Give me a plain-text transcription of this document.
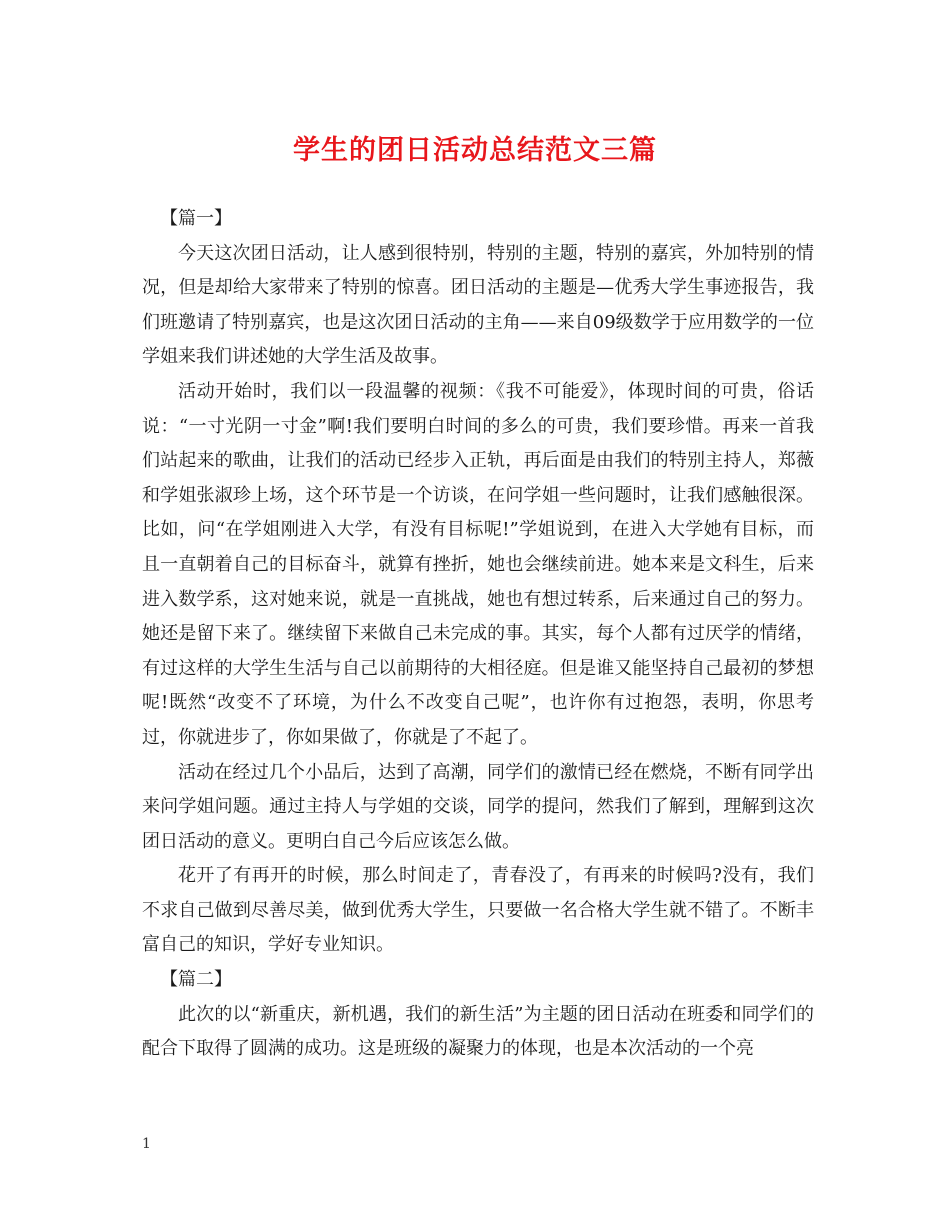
学生的团日活动总结范文三篇

【篇一】

今天这次团日活动，让人感到很特别，特别的主题，特别的嘉宾，外加特别的情况，但是却给大家带来了特别的惊喜。团日活动的主题是—优秀大学生事迹报告，我们班邀请了特别嘉宾，也是这次团日活动的主角——来自09级数学于应用数学的一位学姐来我们讲述她的大学生活及故事。

活动开始时，我们以一段温馨的视频：《我不可能爱》，体现时间的可贵，俗话说：“一寸光阴一寸金”啊!我们要明白时间的多么的可贵，我们要珍惜。再来一首我们站起来的歌曲，让我们的活动已经步入正轨，再后面是由我们的特别主持人，郑薇和学姐张淑珍上场，这个环节是一个访谈，在问学姐一些问题时，让我们感触很深。比如，问“在学姐刚进入大学，有没有目标呢!”学姐说到，在进入大学她有目标，而且一直朝着自己的目标奋斗，就算有挫折，她也会继续前进。她本来是文科生，后来进入数学系，这对她来说，就是一直挑战，她也有想过转系，后来通过自己的努力。她还是留下来了。继续留下来做自己未完成的事。其实，每个人都有过厌学的情绪，有过这样的大学生生活与自己以前期待的大相径庭。但是谁又能坚持自己最初的梦想呢!既然“改变不了环境，为什么不改变自己呢”，也许你有过抱怨，表明，你思考过，你就进步了，你如果做了，你就是了不起了。

活动在经过几个小品后，达到了高潮，同学们的激情已经在燃烧，不断有同学出来问学姐问题。通过主持人与学姐的交谈，同学的提问，然我们了解到，理解到这次团日活动的意义。更明白自己今后应该怎么做。

花开了有再开的时候，那么时间走了，青春没了，有再来的时候吗?没有，我们不求自己做到尽善尽美，做到优秀大学生，只要做一名合格大学生就不错了。不断丰富自己的知识，学好专业知识。

【篇二】

此次的以“新重庆，新机遇，我们的新生活”为主题的团日活动在班委和同学们的配合下取得了圆满的成功。这是班级的凝聚力的体现，也是本次活动的一个亮

1
